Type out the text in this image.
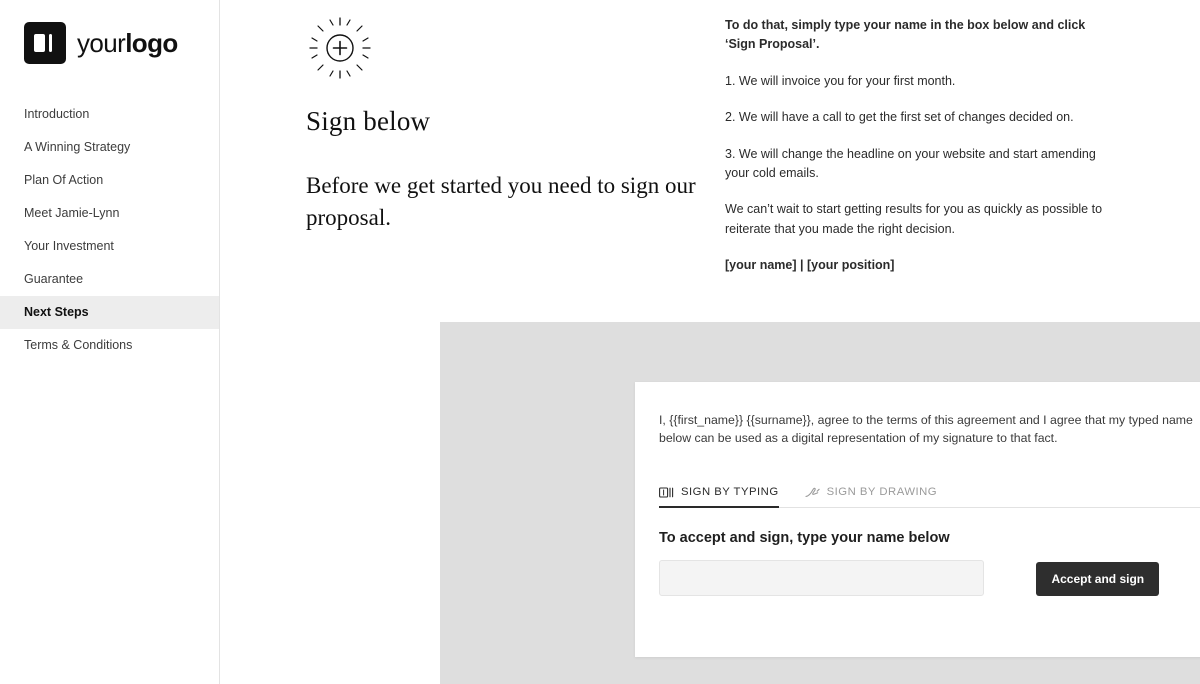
yourlogo
Introduction
A Winning Strategy
Plan Of Action
Meet Jamie-Lynn
Your Investment
Guarantee
Next Steps
Terms & Conditions
Sign below
Before we get started you need to sign our proposal.

To do that, simply type your name in the box below and click ‘Sign Proposal’.

1. We will invoice you for your first month.

2. We will have a call to get the first set of changes decided on.

3. We will change the headline on your website and start amending your cold emails.

We can’t wait to start getting results for you as quickly as possible to reiterate that you made the right decision.

[your name] | [your position]

I, {{first_name}} {{surname}}, agree to the terms of this agreement and I agree that my typed name below can be used as a digital representation of my signature to that fact.
SIGN BY TYPING	SIGN BY DRAWING
To accept and sign, type your name below
Accept and sign
